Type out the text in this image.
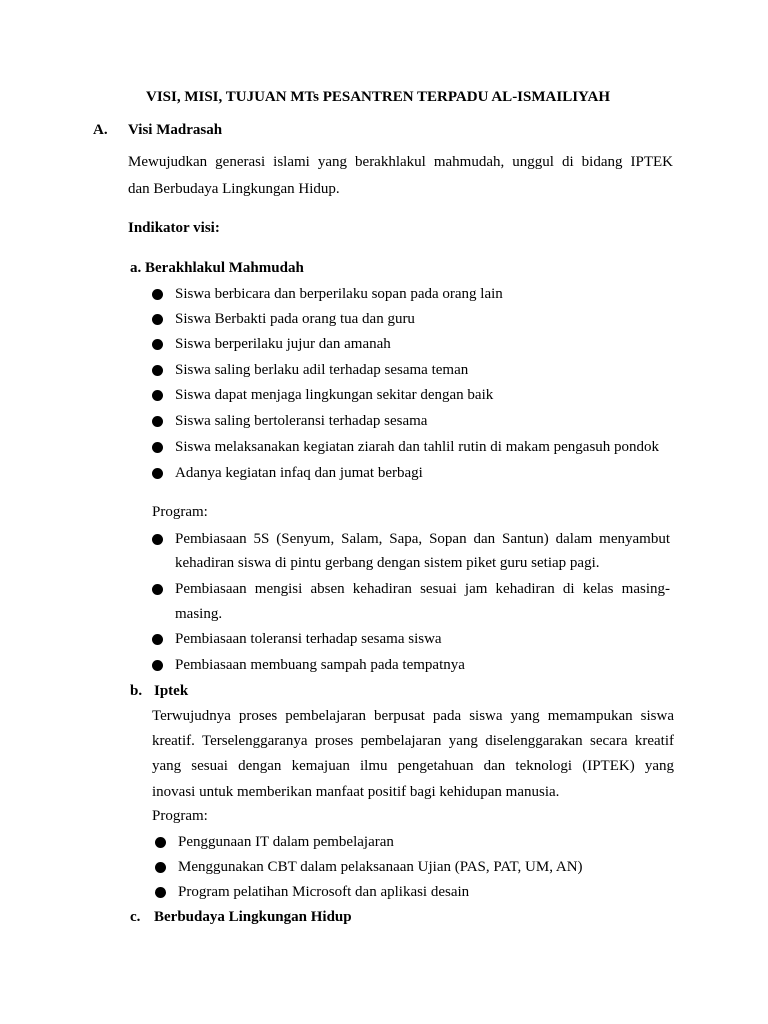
VISI, MISI, TUJUAN MTs PESANTREN TERPADU AL-ISMAILIYAH
A. Visi Madrasah
Mewujudkan generasi islami yang berakhlakul mahmudah, unggul di bidang IPTEK
dan Berbudaya Lingkungan Hidup.
Indikator visi:
a. Berakhlakul Mahmudah
Siswa berbicara dan berperilaku sopan pada orang lain
Siswa Berbakti pada orang tua dan guru
Siswa berperilaku jujur dan amanah
Siswa saling berlaku adil terhadap sesama teman
Siswa dapat menjaga lingkungan sekitar dengan baik
Siswa saling bertoleransi terhadap sesama
Siswa melaksanakan kegiatan ziarah dan tahlil rutin di makam pengasuh pondok
Adanya kegiatan infaq dan jumat berbagi
Program:
Pembiasaan 5S (Senyum, Salam, Sapa, Sopan dan Santun) dalam menyambut
kehadiran siswa di pintu gerbang dengan sistem piket guru setiap pagi.
Pembiasaan mengisi absen kehadiran sesuai jam kehadiran di kelas masing-
masing.
Pembiasaan toleransi terhadap sesama siswa
Pembiasaan membuang sampah pada tempatnya
b. Iptek
Terwujudnya proses pembelajaran berpusat pada siswa yang memampukan siswa
kreatif. Terselenggaranya proses pembelajaran yang diselenggarakan secara kreatif
yang sesuai dengan kemajuan ilmu pengetahuan dan teknologi (IPTEK) yang
inovasi untuk memberikan manfaat positif bagi kehidupan manusia.
Program:
Penggunaan IT dalam pembelajaran
Menggunakan CBT dalam pelaksanaan Ujian (PAS, PAT, UM, AN)
Program pelatihan Microsoft dan aplikasi desain
c. Berbudaya Lingkungan Hidup
